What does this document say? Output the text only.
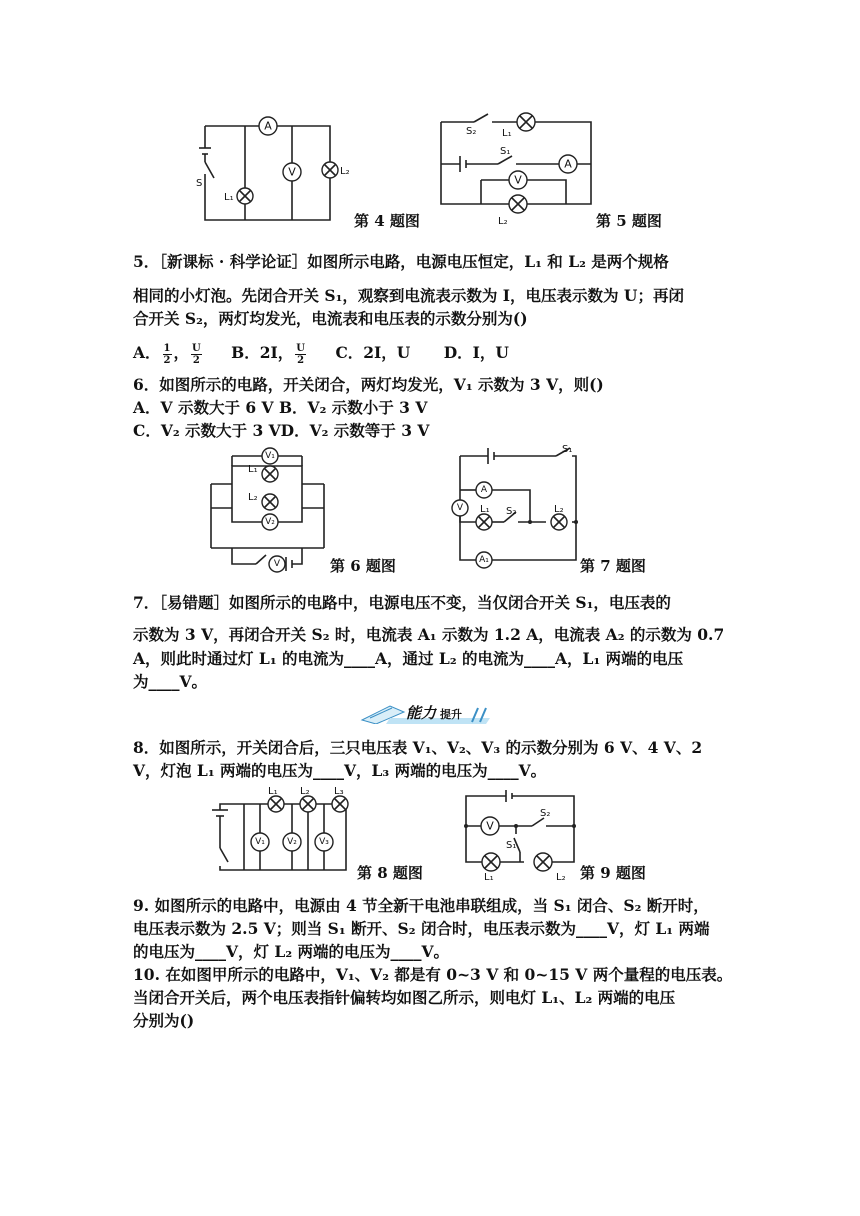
A
V
S
L₁
L₂
第 4 题图
A
V
S₂	L₁
S₁
L₂	第 5 题图
5．［新课标 · 科学论证］如图所示电路，电源电压恒定，L₁ 和 L₂ 是两个规格
相同的小灯泡。先闭合开关 S₁，观察到电流表示数为 I，电压表示数为 U；再闭
合开关 S₂，两灯均发光，电流表和电压表的示数分别为()
A． $\frac{1}{2}$ ， $\frac{U}{2}$ B．2I， $\frac{U}{2}$ C．2I，U D．I，U
6．如图所示的电路，开关闭合，两灯均发光，V₁ 示数为 3 V，则()
A．V 示数大于 6 V B．V₂ 示数小于 3 V
C．V₂ 示数大于 3 VD．V₂ 示数等于 3 V
V₁
V₂
V
L₁
L₂
第 6 题图
A
V
A₁
S₁
S₂
L₁	L₂
第 7 题图
7．［易错题］如图所示的电路中，电源电压不变，当仅闭合开关 S₁，电压表的
示数为 3 V，再闭合开关 S₂ 时，电流表 A₁ 示数为 1.2 A，电流表 A₂ 的示数为 0.7
A，则此时通过灯 L₁ 的电流为____A，通过 L₂ 的电流为____A，L₁ 两端的电压
为____V。
能力 提升
8．如图所示，开关闭合后，三只电压表 V₁、V₂、V₃ 的示数分别为 6 V、4 V、2
V，灯泡 L₁ 两端的电压为____V，L₃ 两端的电压为____V。
V₁ V₂ V₃
L₁ L₂ L₃
第 8 题图
V
S₂
S₁
L₁	L₂ 第 9 题图
9. 如图所示的电路中，电源由 4 节全新干电池串联组成，当 S₁ 闭合、S₂ 断开时，
电压表示数为 2.5 V；则当 S₁ 断开、S₂ 闭合时，电压表示数为____V，灯 L₁ 两端
的电压为____V，灯 L₂ 两端的电压为____V。
10. 在如图甲所示的电路中，V₁、V₂ 都是有 0~3 V 和 0~15 V 两个量程的电压表。
当闭合开关后，两个电压表指针偏转均如图乙所示，则电灯 L₁、L₂ 两端的电压
分别为()
